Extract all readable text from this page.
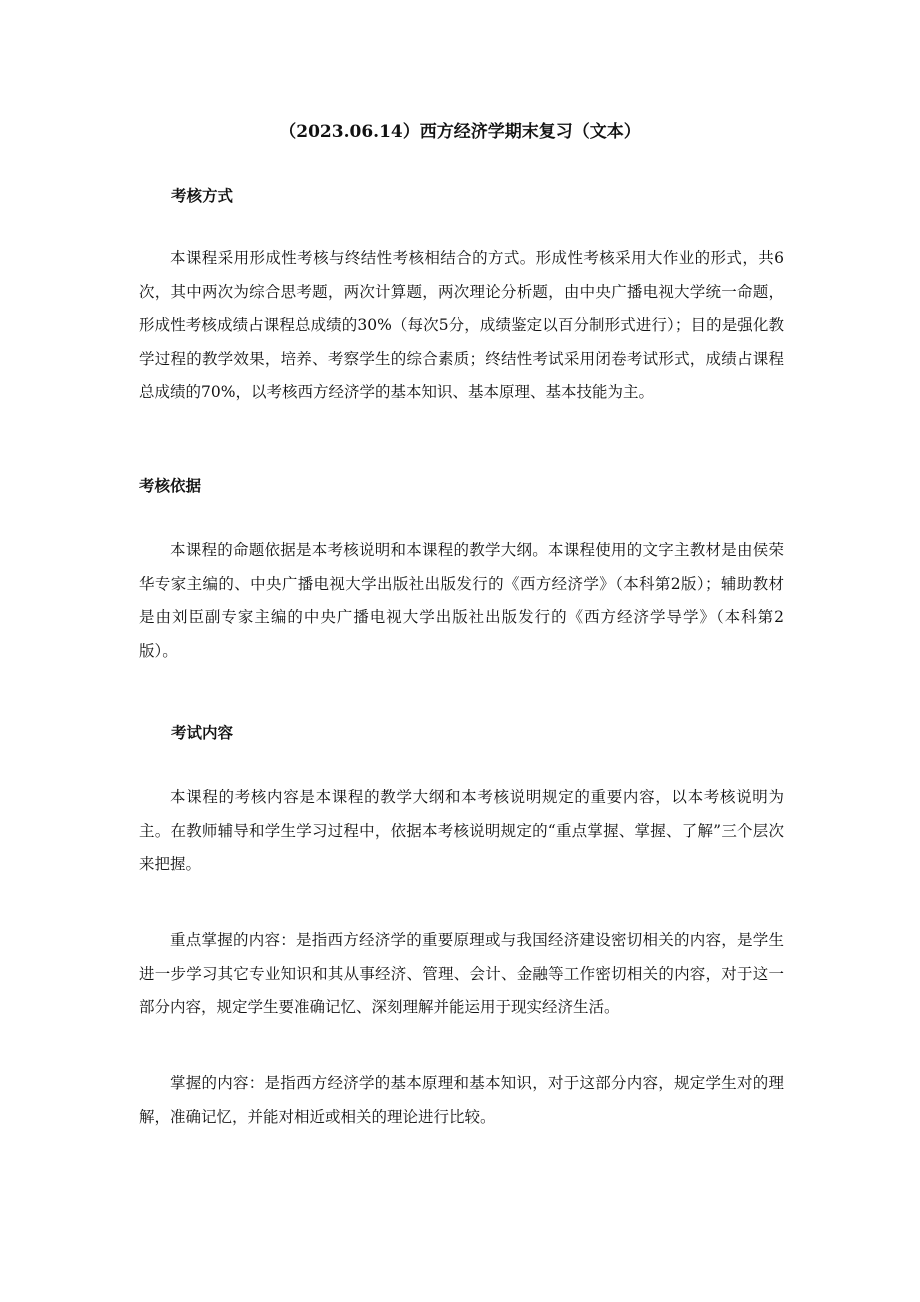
（2023.06.14）西方经济学期末复习（文本）
考核方式

本课程采用形成性考核与终结性考核相结合的方式。形成性考核采用大作业的形式，共6次，其中两次为综合思考题，两次计算题，两次理论分析题，由中央广播电视大学统一命题，形成性考核成绩占课程总成绩的30%（每次5分，成绩鉴定以百分制形式进行）；目的是强化教学过程的教学效果，培养、考察学生的综合素质；终结性考试采用闭卷考试形式，成绩占课程总成绩的70%，以考核西方经济学的基本知识、基本原理、基本技能为主。

考核依据

本课程的命题依据是本考核说明和本课程的教学大纲。本课程使用的文字主教材是由侯荣华专家主编的、中央广播电视大学出版社出版发行的《西方经济学》（本科第2版）；辅助教材是由刘臣副专家主编的中央广播电视大学出版社出版发行的《西方经济学导学》（本科第2版）。

考试内容

本课程的考核内容是本课程的教学大纲和本考核说明规定的重要内容，以本考核说明为主。在教师辅导和学生学习过程中，依据本考核说明规定的“重点掌握、掌握、了解”三个层次来把握。

重点掌握的内容：是指西方经济学的重要原理或与我国经济建设密切相关的内容，是学生进一步学习其它专业知识和其从事经济、管理、会计、金融等工作密切相关的内容，对于这一部分内容，规定学生要准确记忆、深刻理解并能运用于现实经济生活。

掌握的内容：是指西方经济学的基本原理和基本知识，对于这部分内容，规定学生对的理解，准确记忆，并能对相近或相关的理论进行比较。
